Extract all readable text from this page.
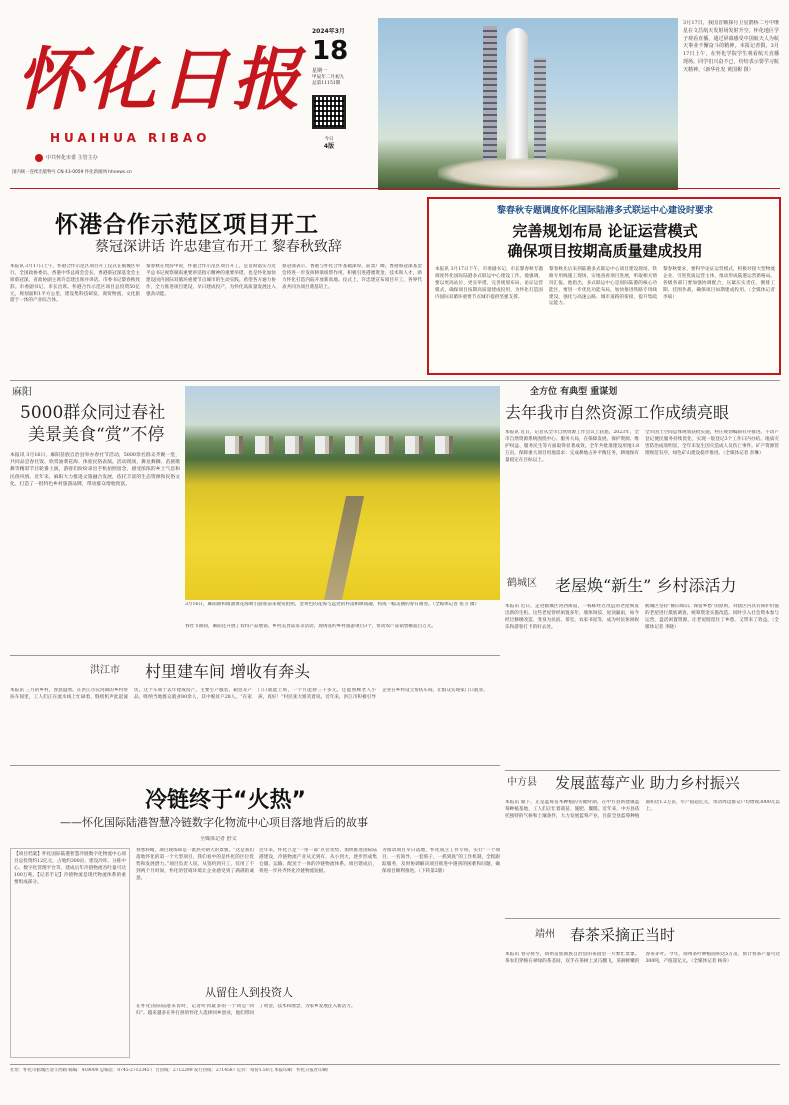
怀化日报
HUAIHUA RIBAO
中共怀化市委 主管主办
国内统一连续出版物号 CN 43-0059 怀化新闻网 hhnews.cn
2024年3月
18
星期一
甲辰年二月初九
总第11151期
今日
4版
3月17日，我国首颗探月卫星鹊桥二号中继星在文昌航天发射场发射升空，怀化地区学子观看直播，通过屏幕感受中国航天人为航天事业不懈奋斗的精神。本报记者摄。3月17日上午，在怀化学院学生观看航天直播现场，同学们兴奋不已，纷纷表示要学习航天精神。（新华社发 黄国彬 摄）
怀港合作示范区项目开工
蔡冠深讲话 许忠建宣布开工 黎春秋致辞
本报讯 3月17日上午，怀港合作示范区项目开工仪式在鹤城区举行。全国政协委员、香港中华总商会会长、香港蔡冠深基金会主席蔡冠深，省政协副主席许忠建出席并讲话。市委书记黎春秋致辞。市委副书记、市长出席。怀港合作示范区项目总投资50亿元，规划面积1平方公里，建设集科技研发、商贸物流、文化旅游于一体的产业综合体。
黎春秋在致辞中说，怀港合作示范区项目开工，是贯彻落实习近平总书记视察湖南重要讲话指示精神的重要举措，也是怀化加快建设国内国际双循环重要节点城市的生动实践。希望各方通力协作，全力推进项目建设，早日建成投产，为怀化高质量发展注入强劲动能。
蔡冠深表示，香港与怀化合作基础深厚，前景广阔。香港蔡冠深基金会将进一步发挥桥梁纽带作用，积极引进港澳资金、技术和人才，助力怀化打造内陆开放新高地。仪式上，许忠建宣布项目开工，各界代表共同为项目奠基培土。
黎春秋专题调度怀化国际陆港多式联运中心建设时要求
完善规划布局 论证运营模式
确保项目按期高质量建成投用
本报讯 3月17日下午，市委副书记、市长黎春秋专题调度怀化国际陆港多式联运中心建设工作。他强调，要以更高站位、更实举措，完善规划布局，论证运营模式，确保项目按期高质量建成投用，为怀化打造国内国际双循环重要节点城市提供坚强支撑。
黎春秋先后来到陆港多式联运中心项目建设现场、铁路专用线施工现场，实地查看项目进展，听取相关情况汇报。他指出，多式联运中心是国际陆港的核心功能区，要进一步优化功能布局，加快推进铁路专用线建设，强化与高速公路、城市道路的衔接，提升集疏运能力。
黎春秋要求，要科学论证运营模式，积极对接大型物流企业，引进优质运营主体，推动形成陆港运营新格局。各级各部门要加强协调配合，压紧压实责任，倒排工期、挂图作战，确保项目如期建成投用。（全媒体记者 李斌）
全方位 有典型 重谋划
去年我市自然资源工作成绩亮眼
本报讯 近日，记者从全市自然资源工作会议上获悉，2023年，全市自然资源系统围绕中心、服务大局，在保障发展、保护资源、维护权益、服务民生等方面取得显著成效。全年共批准建设用地1.8万亩，保障重大项目用地需求；完成耕地占补平衡任务，耕地保有量稳定在目标以上。
全市国土空间总体规划获批实施，村庄规划编制有序推进。不动产登记便民服务持续优化，实现一般登记3个工作日内办结。地质灾害防治成效明显，全年未发生因灾造成人员伤亡事件。矿产资源管理规范有序，绿色矿山建设稳步推进。（全媒体记者 彭琳）
麻阳
5000群众同过春社
美景美食“赏”不停
本报讯 3月16日，麻阳苗族自治县举办春社节活动，5000余名群众齐聚一堂，共同品尝春社饭、欣赏油菜花海、体验民俗表演。活动现场，舞龙舞狮、苗族歌舞等精彩节目轮番上演，游客们纷纷拿出手机拍照留念，感受浓浓的乡土气息和民俗风情。近年来，麻阳大力推进文旅融合发展，依托丰富的生态资源和民俗文化，打造了一批特色乡村旅游品牌，带动群众增收致富。
3月16日，麻阳锦和镇油菜花海吸引游客前来观赏拍照，金黄色的花海与远处的村落相映成趣，构成一幅美丽的春日画卷。（全媒体记者 张卫 摄）
春社节期间，麻阳还开展了农特产品展销、乡村美食品鉴等活动，现场签约乡村旅游项目3个，带动农产品销售额超百万元。
鹤城区 老屋焕“新生” 乡村添活力
本报讯 近日，走进鹤城区河西街道，一栋栋经过改造的老屋焕发出新的生机。这些老屋曾经闲置多年，墙体斑驳、屋顶漏雨，如今经过修缮改造，变身为民宿、茶室、农家书屋等，成为村民休闲娱乐和游客打卡的好去处。
鹤城区坚持“修旧如旧、保留乡愁”的原则，对辖区内具有保护价值的老屋进行摸底调查，统筹资金实施改造。同时引入社会资本参与运营，盘活闲置资源，让老屋既留住了乡愁，又带来了效益。（全媒体记者 李晓）
洪江市 村里建车间 增收有奔头
本报讯 三月的乡村，春意盎然。在洪江市沅河镇的乡村帮扶车间里，工人们正在流水线上忙碌着，缝纫机声此起彼伏。这个车间于去年建成投产，主要生产服装、箱包等产品，吸纳当地群众就业80余人，其中脱贫户28人。“在家门口就能上班，一个月能挣三千多元，还能照顾老人小孩，真好！”村民张大姐笑着说。近年来，洪江市积极引导企业在乡村设立帮扶车间，让群众实现家门口就业。
中方县 发展蓝莓产业 助力乡村振兴
本报讯 眼下，正是蓝莓苗木种植的关键时期，在中方县新建镇蓝莓种植基地，工人们正忙着栽苗、施肥、覆膜。近年来，中方县依托独特的气候和土壤条件，大力发展蓝莓产业，目前全县蓝莓种植面积达1.2万亩，年产值超亿元，带动周边群众户均增收3000元以上。
冷链终于“火热”
——怀化国际陆港智慧冷链数字化物流中心项目落地背后的故事
全媒体记者 舒义
【项目档案】怀化国际陆港智慧冷链数字化物流中心项目总投资约12亿元，占地约300亩，建设冷库、分拣中心、数字化管理平台等，建成后年冷链物流吞吐量可达100万吨。【记者手记】冷链物流是现代物流体系的重要组成部分。
春寒料峭，项目现场却是一派热火朝天的景象。“这是我们落地怀化的第一个大型项目，我们看中的是怀化的区位优势和发展潜力。”项目负责人说。从签约到开工，仅用了不到两个月时间，怀化的营商环境让企业感受到了满满的诚意。
近年来，怀化立足“一带一部”区位优势，加快推进国际陆港建设，冷链物流产业从无到有、从小到大，逐步形成集仓储、运输、配送于一体的冷链物流体系。项目建成后，将进一步补齐怀化冷链物流短板。
为推动项目早日落地，怀化成立工作专班，实行“一个项目、一名领导、一套班子、一抓到底”的工作机制，全程跟踪服务，及时协调解决项目推进中遇到的困难和问题，确保项目顺利推进。（下转第2版）
从留住人到投资人
在怀化国际陆港采访时，记者听到最多的一个词是“回归”。越来越多在外打拼的怀化人选择回乡创业，他们带回了资金、技术和理念，为家乡发展注入新活力。
靖州 春茶采摘正当时
本报讯 春分将至，靖州苗族侗族自治县的茶园里一片繁忙景象。茶农们穿梭在翠绿的茶垄间，双手在茶树上灵巧翻飞，采摘鲜嫩的春茶芽叶。今年，靖州茶叶种植面积达5万亩，预计春茶产量可达300吨，产值超亿元。（全媒体记者 杨涛）
社址：怀化市鹤城区迎丰西路 邮编：418000 总编室：0745-2712345 广告热线：2712299 发行热线：2714587 定价：每份1.50元 本报印刷：怀化日报社印刷厂
